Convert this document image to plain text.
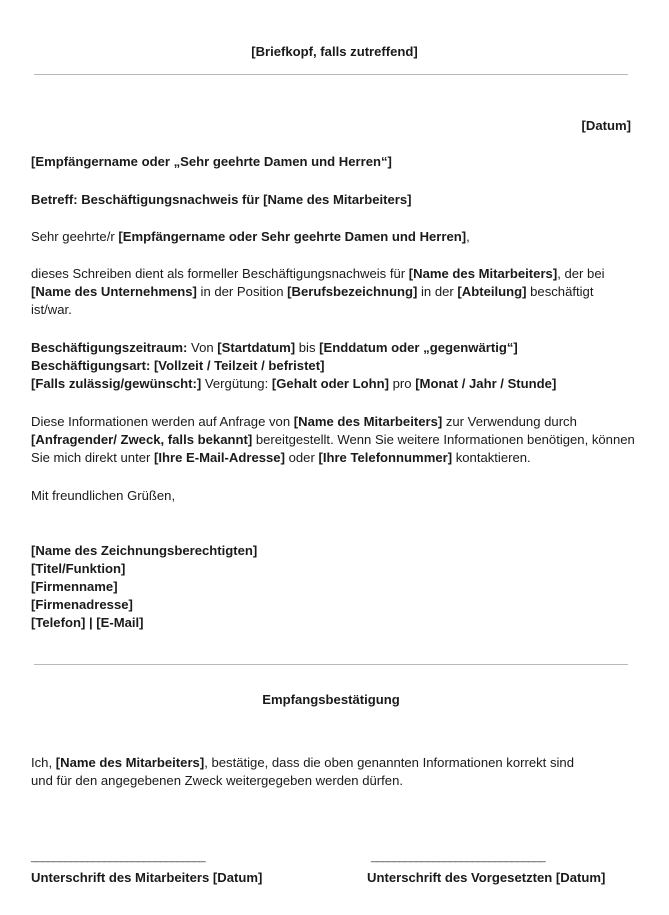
[Briefkopf, falls zutreffend]
[Datum]
[Empfängername oder „Sehr geehrte Damen und Herren“]
Betreff: Beschäftigungsnachweis für [Name des Mitarbeiters]
Sehr geehrte/r [Empfängername oder Sehr geehrte Damen und Herren],
dieses Schreiben dient als formeller Beschäftigungsnachweis für [Name des Mitarbeiters], der bei [Name des Unternehmens] in der Position [Berufsbezeichnung] in der [Abteilung] beschäftigt ist/war.
Beschäftigungszeitraum: Von [Startdatum] bis [Enddatum oder „gegenwärtig“]
Beschäftigungsart: [Vollzeit / Teilzeit / befristet]
[Falls zulässig/gewünscht:] Vergütung: [Gehalt oder Lohn] pro [Monat / Jahr / Stunde]
Diese Informationen werden auf Anfrage von [Name des Mitarbeiters] zur Verwendung durch [Anfragender/ Zweck, falls bekannt] bereitgestellt. Wenn Sie weitere Informationen benötigen, können Sie mich direkt unter [Ihre E-Mail-Adresse] oder [Ihre Telefonnummer] kontaktieren.
Mit freundlichen Grüßen,
[Name des Zeichnungsberechtigten]
[Titel/Funktion]
[Firmenname]
[Firmenadresse]
[Telefon] | [E-Mail]
Empfangsbestätigung
Ich, [Name des Mitarbeiters], bestätige, dass die oben genannten Informationen korrekt sind und für den angegebenen Zweck weitergegeben werden dürfen.
_______________________________	_______________________________
Unterschrift des Mitarbeiters [Datum]	Unterschrift des Vorgesetzten [Datum]
